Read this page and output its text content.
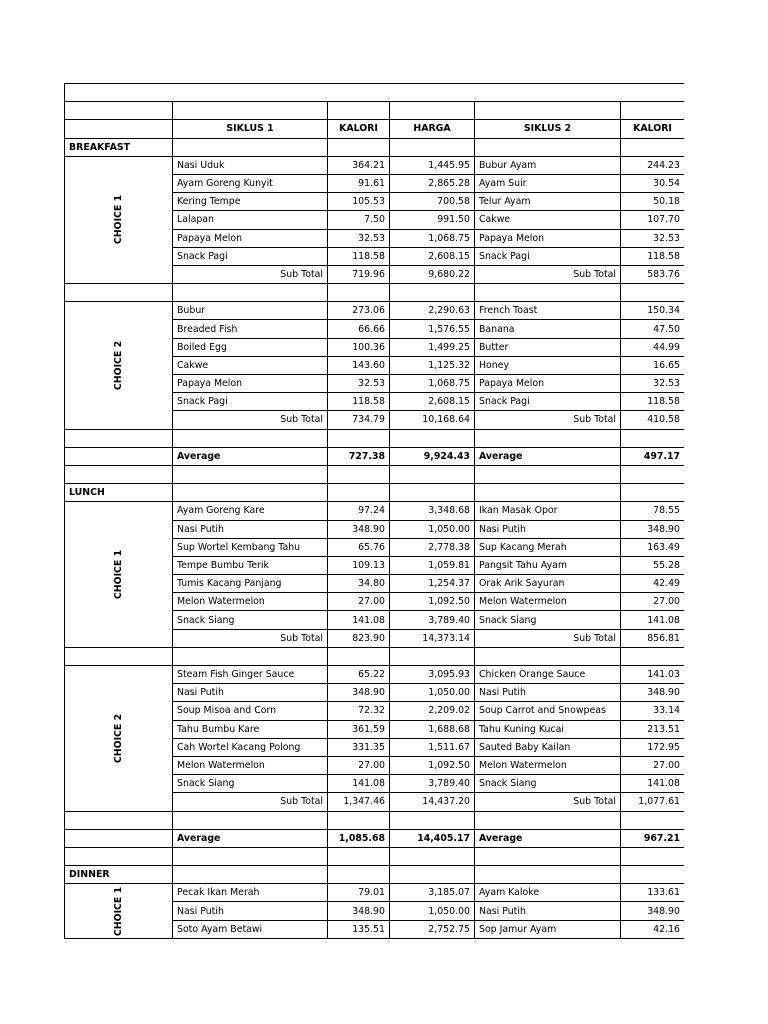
	SIKLUS 1	KALORI	HARGA	SIKLUS 2	KALORI
BREAKFAST					
CHOICE 1	Nasi Uduk	364.21	1,445.95	Bubur Ayam	244.23
	Ayam Goreng Kunyit	91.61	2,865.28	Ayam Suir	30.54
	Kering Tempe	105.53	700.58	Telur Ayam	50.18
	Lalapan	7.50	991.50	Cakwe	107.70
	Papaya Melon	32.53	1,068.75	Papaya Melon	32.53
	Snack Pagi	118.58	2,608.15	Snack Pagi	118.58
	Sub Total	719.96	9,680.22	Sub Total	583.76

CHOICE 2	Bubur	273.06	2,290.63	French Toast	150.34
	Breaded Fish	66.66	1,576.55	Banana	47.50
	Boiled Egg	100.36	1,499.25	Butter	44.99
	Cakwe	143.60	1,125.32	Honey	16.65
	Papaya Melon	32.53	1,068.75	Papaya Melon	32.53
	Snack Pagi	118.58	2,608.15	Snack Pagi	118.58
	Sub Total	734.79	10,168.64	Sub Total	410.58

	Average	727.38	9,924.43	Average	497.17

LUNCH					
CHOICE 1	Ayam Goreng Kare	97.24	3,348.68	Ikan Masak Opor	78.55
	Nasi Putih	348.90	1,050.00	Nasi Putih	348.90
	Sup Wortel Kembang Tahu	65.76	2,778.38	Sup Kacang Merah	163.49
	Tempe Bumbu Terik	109.13	1,059.81	Pangsit Tahu Ayam	55.28
	Tumis Kacang Panjang	34.80	1,254.37	Orak Arik Sayuran	42.49
	Melon Watermelon	27.00	1,092.50	Melon Watermelon	27.00
	Snack Siang	141.08	3,789.40	Snack Siang	141.08
	Sub Total	823.90	14,373.14	Sub Total	856.81

CHOICE 2	Steam Fish Ginger Sauce	65.22	3,095.93	Chicken Orange Sauce	141.03
	Nasi Putih	348.90	1,050.00	Nasi Putih	348.90
	Soup Misoa and Corn	72.32	2,209.02	Soup Carrot and Snowpeas	33.14
	Tahu Bumbu Kare	361.59	1,688.68	Tahu Kuning Kucai	213.51
	Cah Wortel Kacang Polong	331.35	1,511.67	Sauted Baby Kailan	172.95
	Melon Watermelon	27.00	1,092.50	Melon Watermelon	27.00
	Snack Siang	141.08	3,789.40	Snack Siang	141.08
	Sub Total	1,347.46	14,437.20	Sub Total	1,077.61

	Average	1,085.68	14,405.17	Average	967.21

DINNER					
CHOICE 1	Pecak Ikan Merah	79.01	3,185.07	Ayam Kaloke	133.61
	Nasi Putih	348.90	1,050.00	Nasi Putih	348.90
	Soto Ayam Betawi	135.51	2,752.75	Sop Jamur Ayam	42.16
